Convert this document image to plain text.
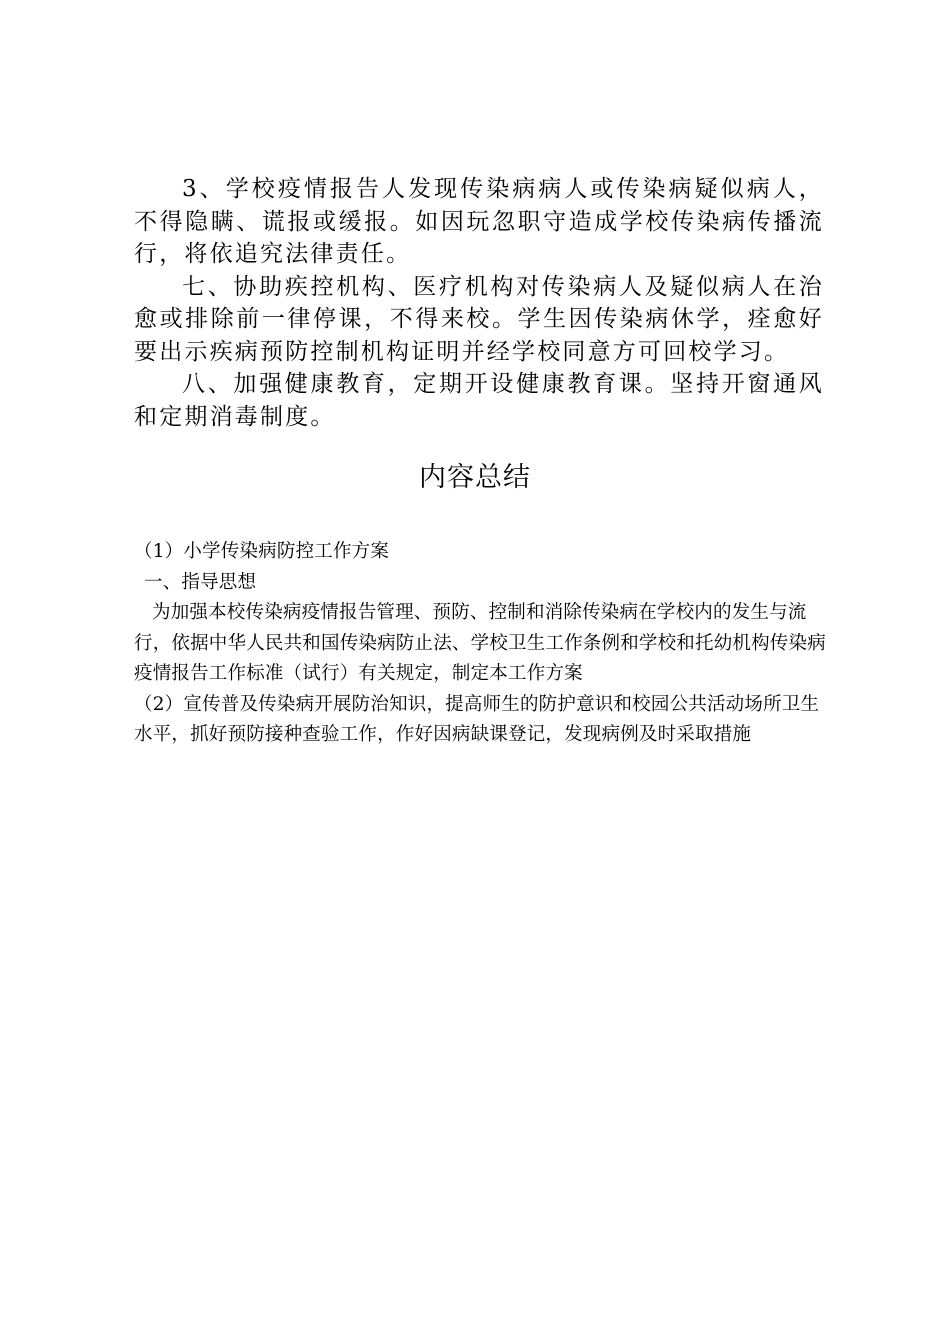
3、学校疫情报告人发现传染病病人或传染病疑似病人，不得隐瞒、谎报或缓报。如因玩忽职守造成学校传染病传播流行，将依追究法律责任。

七、协助疾控机构、医疗机构对传染病人及疑似病人在治愈或排除前一律停课，不得来校。学生因传染病休学，痊愈好要出示疾病预防控制机构证明并经学校同意方可回校学习。

八、加强健康教育，定期开设健康教育课。坚持开窗通风和定期消毒制度。

内容总结

（1）小学传染病防控工作方案

一、指导思想

为加强本校传染病疫情报告管理、预防、控制和消除传染病在学校内的发生与流行，依据中华人民共和国传染病防止法、学校卫生工作条例和学校和托幼机构传染病疫情报告工作标准（试行）有关规定，制定本工作方案

（2）宣传普及传染病开展防治知识，提高师生的防护意识和校园公共活动场所卫生水平，抓好预防接种查验工作，作好因病缺课登记，发现病例及时采取措施
